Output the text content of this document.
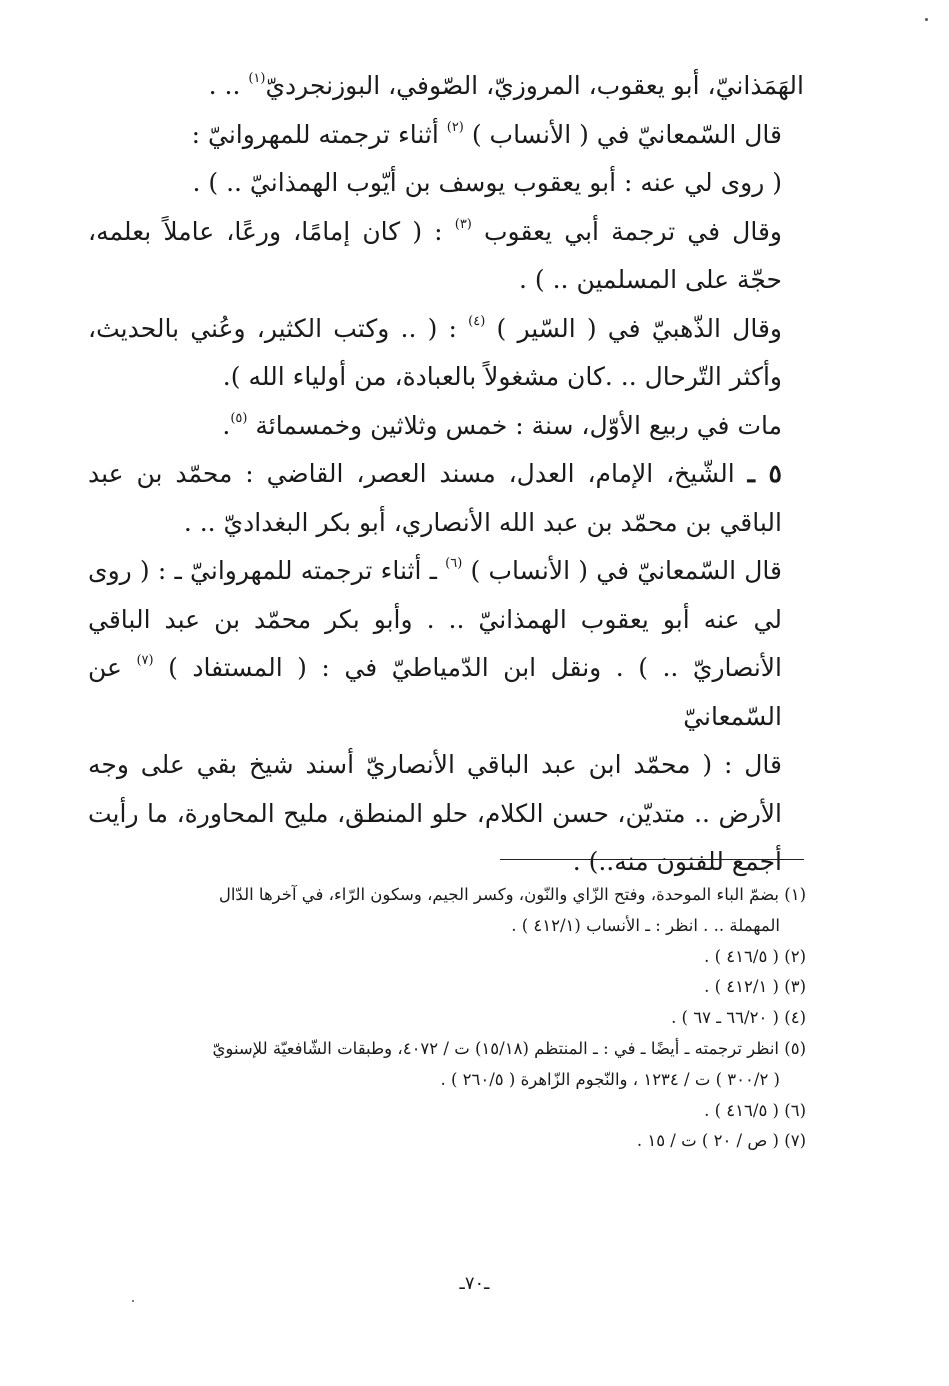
الهَمَذانيّ، أبو يعقوب، المروزيّ، الصّوفي، البوزنجرديّ$^{(١)}$ .. .

قال السّمعانيّ في ( الأنساب ) $^{(٢)}$ أثناء ترجمته للمهروانيّ :

( روى لي عنه : أبو يعقوب يوسف بن أيّوب الهمذانيّ .. ) .

وقال في ترجمة أبي يعقوب $^{(٣)}$ : ( كان إمامًا، ورعًا، عاملاً بعلمه، حجّة على المسلمين .. ) .

وقال الذّهبيّ في ( السّير ) $^{(٤)}$ : ( .. وكتب الكثير، وعُني بالحديث، وأكثر التّرحال .. .كان مشغولاً بالعبادة، من أولياء الله ).

مات في ربيع الأوّل، سنة : خمس وثلاثين وخمسمائة $^{(٥)}$.

٥ ـ الشّيخ، الإمام، العدل، مسند العصر، القاضي : محمّد بن عبد الباقي بن محمّد بن عبد الله الأنصاري، أبو بكر البغداديّ .. .

قال السّمعانيّ في ( الأنساب ) $^{(٦)}$ ـ أثناء ترجمته للمهروانيّ ـ : ( روى لي عنه أبو يعقوب الهمذانيّ .. . وأبو بكر محمّد بن عبد الباقي الأنصاريّ .. ) . ونقل ابن الدّمياطيّ في : ( المستفاد ) $^{(٧)}$ عن السّمعانيّ

قال : ( محمّد ابن عبد الباقي الأنصاريّ أسند شيخ بقي على وجه الأرض .. متديّن، حسن الكلام، حلو المنطق، مليح المحاورة، ما رأيت أجمع للفنون منه..) .

(١) بضمّ الباء الموحدة، وفتح الزّاي والنّون، وكسر الجيم، وسكون الرّاء، في آخرها الدّال

المهملة .. . انظر : ـ الأنساب (٤١٢/١ ) .

(٢) ( ٤١٦/٥ ) .

(٣) ( ٤١٢/١ ) .

(٤) ( ٦٦/٢٠ ـ ٦٧ ) .

(٥) انظر ترجمته ـ أيضًا ـ في : ـ المنتظم (١٥/١٨) ت / ٤٠٧٢، وطبقات الشّافعيّة للإسنويّ

( ٣٠٠/٢ ) ت / ١٢٣٤ ، والنّجوم الزّاهرة ( ٢٦٠/٥ ) .

(٦) ( ٤١٦/٥ ) .

(٧) ( ص / ٢٠ ) ت / ١٥ .

ـ٧٠ـ
